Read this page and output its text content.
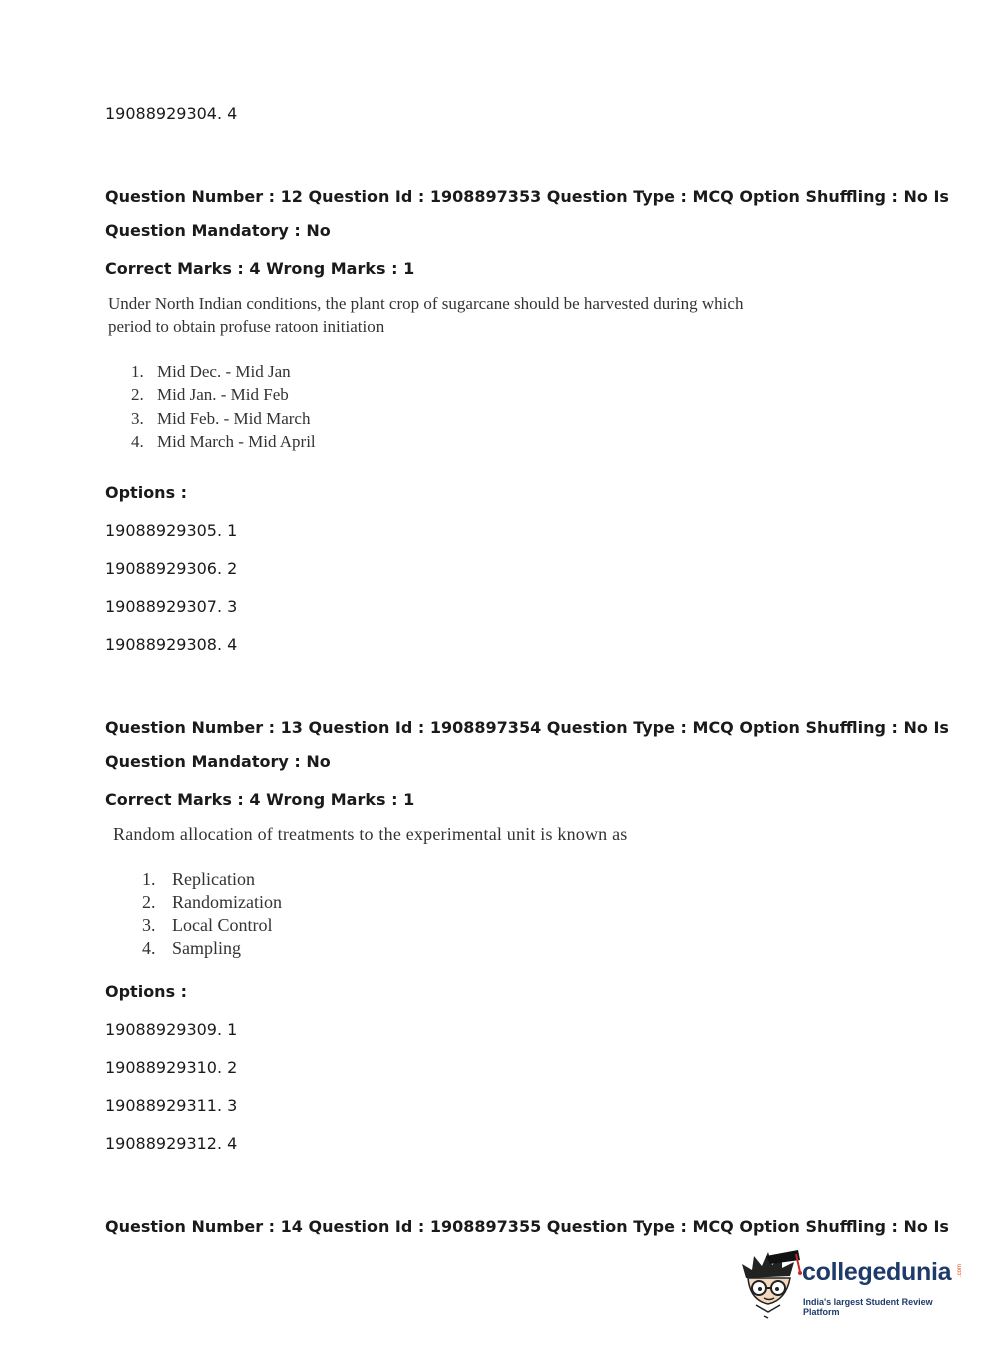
19088929304. 4
Question Number : 12 Question Id : 1908897353 Question Type : MCQ Option Shuffling : No Is
Question Mandatory : No
Correct Marks : 4 Wrong Marks : 1
Under North Indian conditions, the plant crop of sugarcane should be harvested during which
period to obtain profuse ratoon initiation
1. Mid Dec. - Mid Jan
2. Mid Jan. - Mid Feb
3. Mid Feb. - Mid March
4. Mid March - Mid April
Options :
19088929305. 1
19088929306. 2
19088929307. 3
19088929308. 4
Question Number : 13 Question Id : 1908897354 Question Type : MCQ Option Shuffling : No Is
Question Mandatory : No
Correct Marks : 4 Wrong Marks : 1
Random allocation of treatments to the experimental unit is known as
1. Replication
2. Randomization
3. Local Control
4. Sampling
Options :
19088929309. 1
19088929310. 2
19088929311. 3
19088929312. 4
Question Number : 14 Question Id : 1908897355 Question Type : MCQ Option Shuffling : No Is
collegedunia .com
India's largest Student Review Platform
